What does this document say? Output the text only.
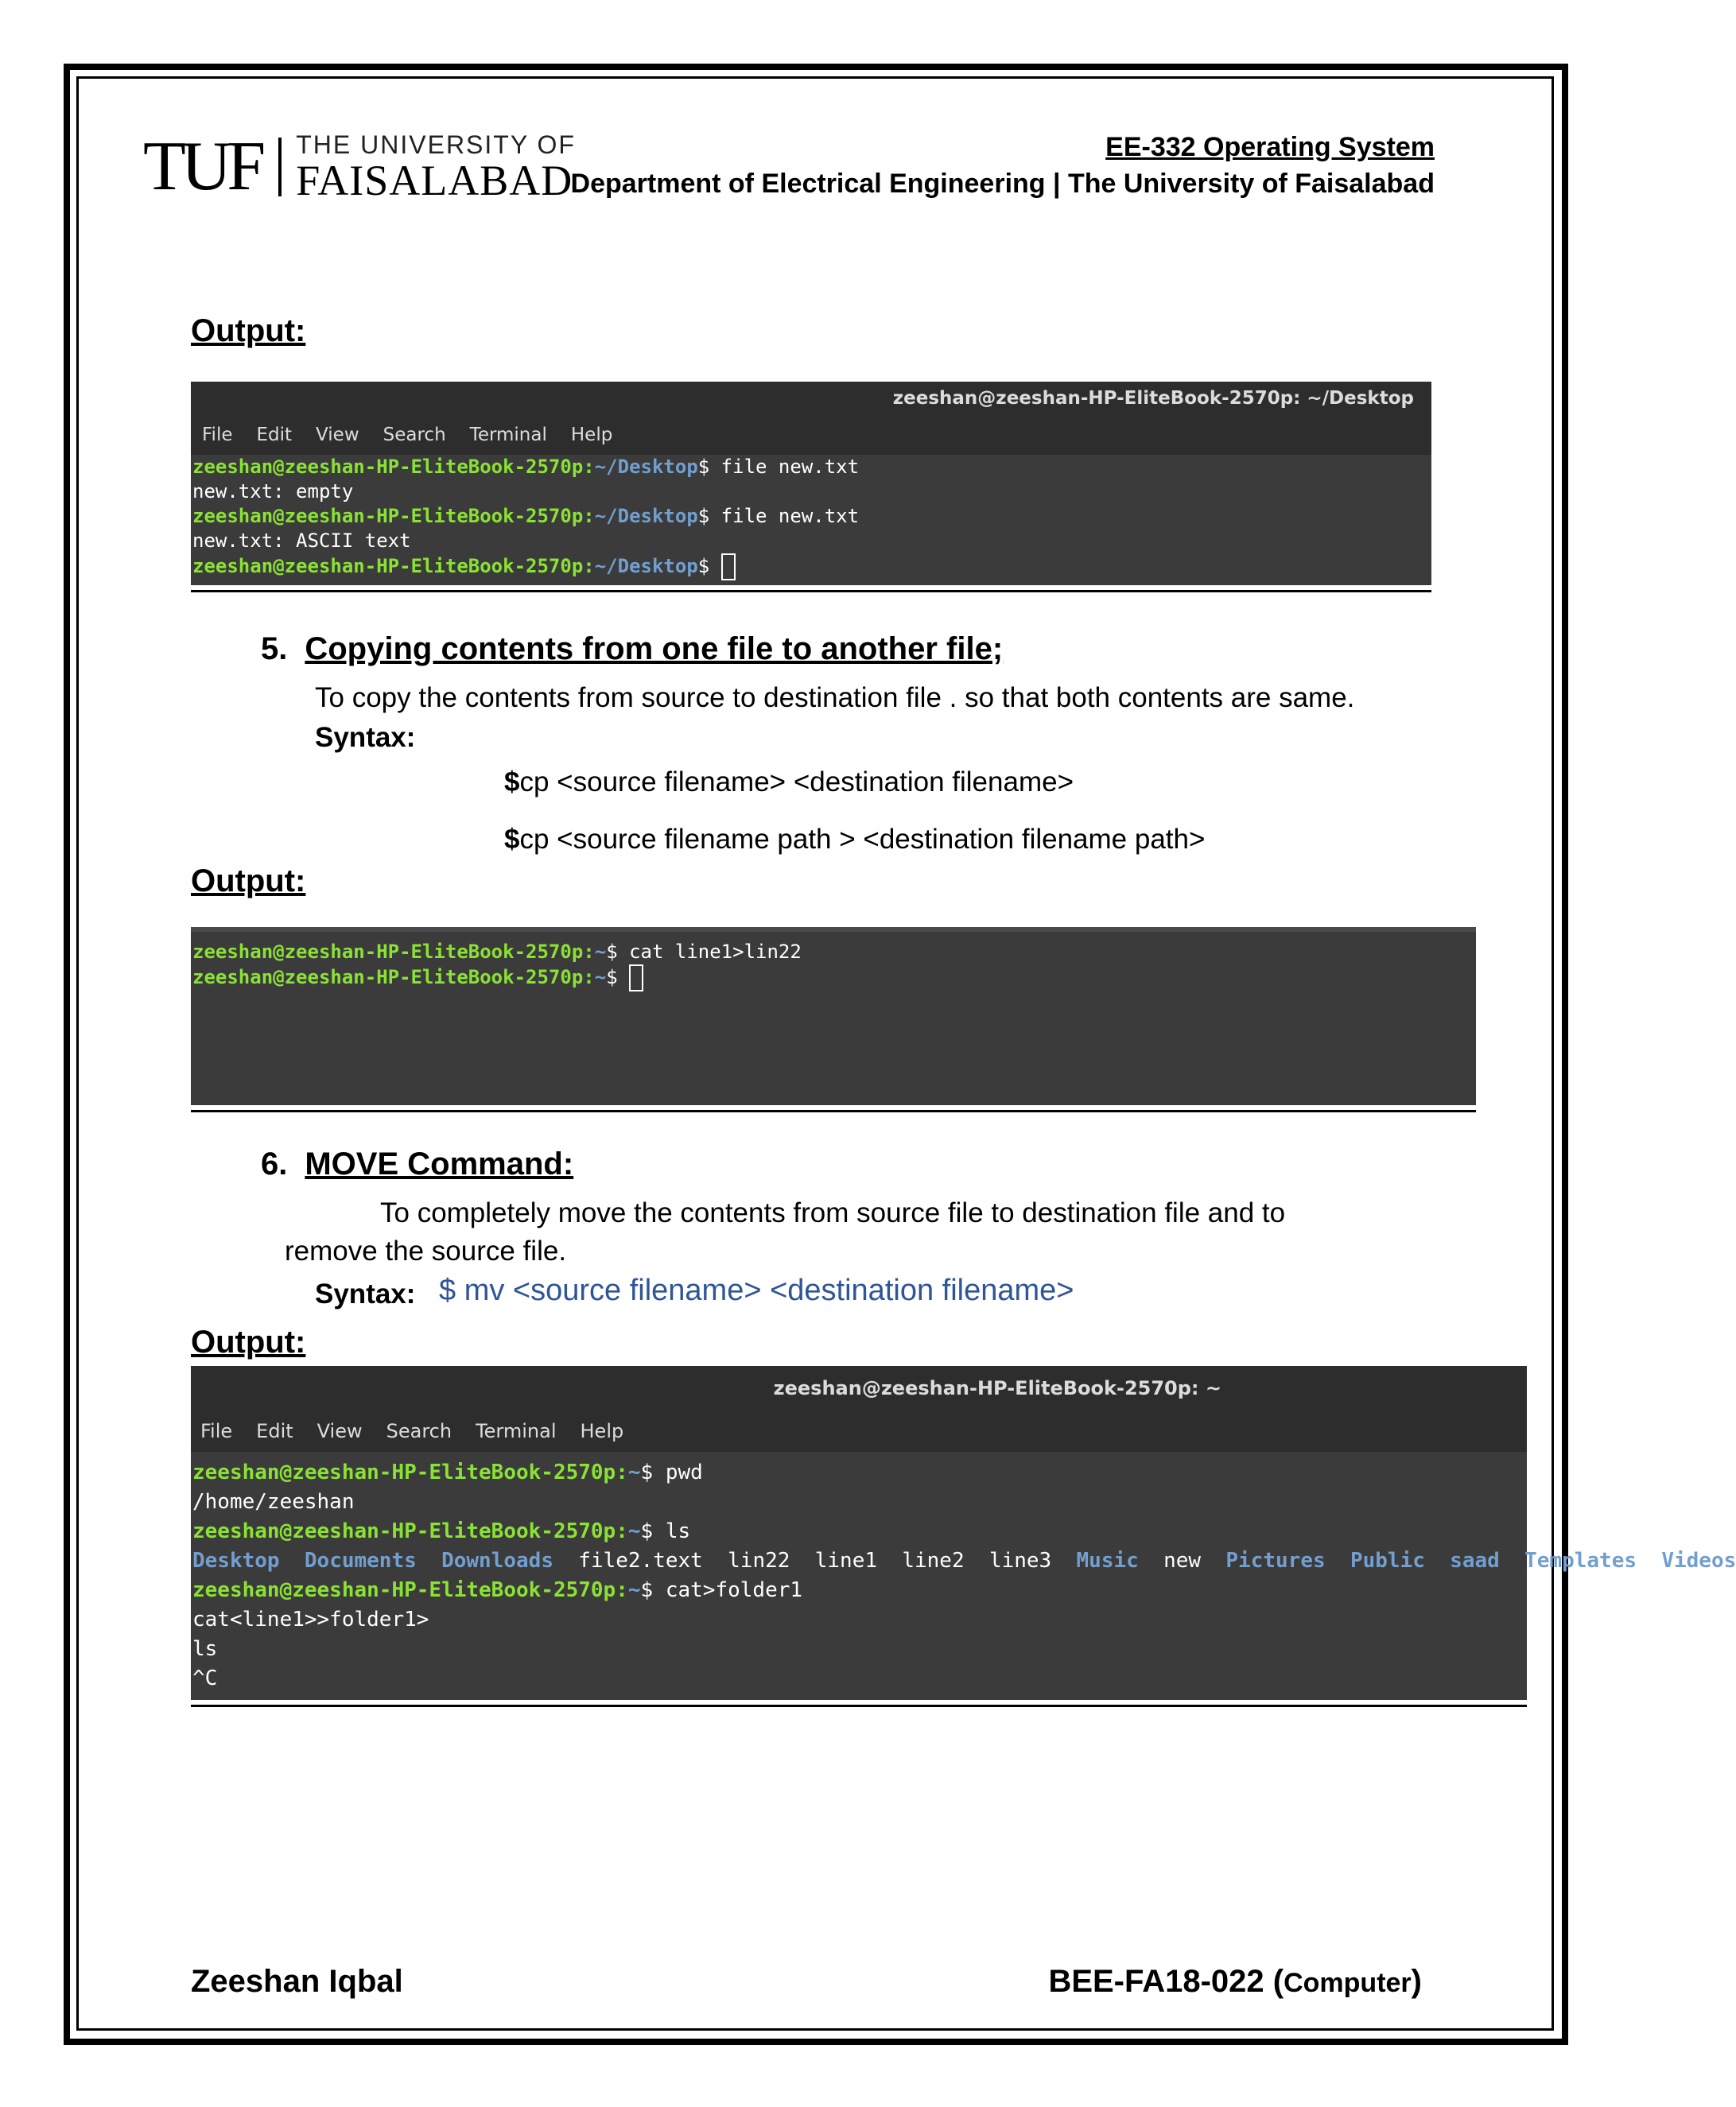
TUF THE UNIVERSITY OF
FAISALABAD
EE-332 Operating System
Department of Electrical Engineering | The University of Faisalabad
Output:
zeeshan@zeeshan-HP-EliteBook-2570p: ~/Desktop
File Edit View Search Terminal Help
zeeshan@zeeshan-HP-EliteBook-2570p:~/Desktop$ file new.txt
new.txt: empty
zeeshan@zeeshan-HP-EliteBook-2570p:~/Desktop$ file new.txt
new.txt: ASCII text
zeeshan@zeeshan-HP-EliteBook-2570p:~/Desktop$
5. Copying contents from one file to another file;
To copy the contents from source to destination file . so that both contents are same.
Syntax:
$cp <source filename> <destination filename>
$cp <source filename path > <destination filename path>
Output:
zeeshan@zeeshan-HP-EliteBook-2570p:~$ cat line1>lin22
zeeshan@zeeshan-HP-EliteBook-2570p:~$
6. MOVE Command:
To completely move the contents from source file to destination file and to
remove the source file.
Syntax: $ mv <source filename> <destination filename>
Output:
zeeshan@zeeshan-HP-EliteBook-2570p: ~
File Edit View Search Terminal Help
zeeshan@zeeshan-HP-EliteBook-2570p:~$ pwd
/home/zeeshan
zeeshan@zeeshan-HP-EliteBook-2570p:~$ ls
Desktop Documents Downloads file2.text lin22 line1 line2 line3 Music new Pictures Public saad Templates Videos
zeeshan@zeeshan-HP-EliteBook-2570p:~$ cat>folder1
cat<line1>>folder1>
ls
^C
Zeeshan Iqbal	BEE-FA18-022 (Computer)
